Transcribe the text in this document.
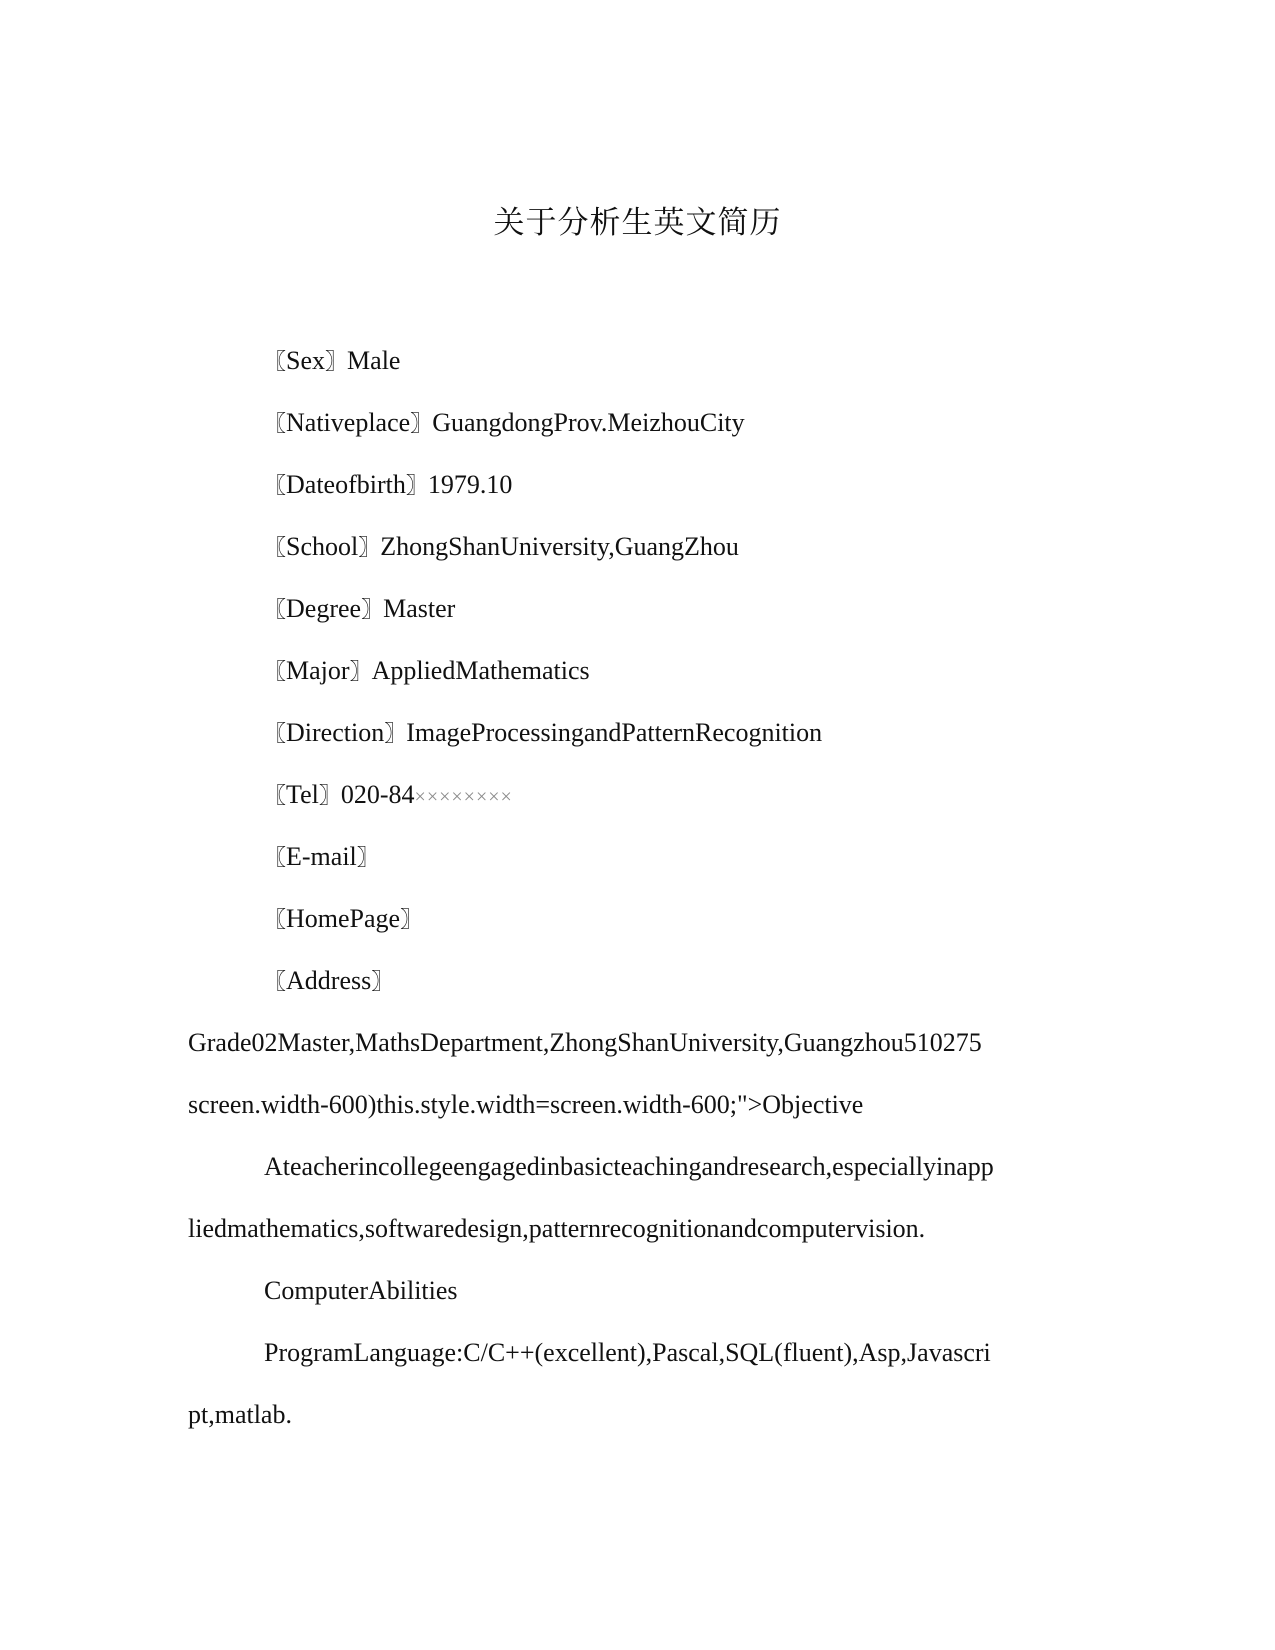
关于分析生英文简历
〖Sex〗Male
〖Nativeplace〗GuangdongProv.MeizhouCity
〖Dateofbirth〗1979.10
〖School〗ZhongShanUniversity,GuangZhou
〖Degree〗Master
〖Major〗AppliedMathematics
〖Direction〗ImageProcessingandPatternRecognition
〖Tel〗020-84××××××××
〖E-mail〗
〖HomePage〗
〖Address〗
Grade02Master,MathsDepartment,ZhongShanUniversity,Guangzhou510275
screen.width-600)this.style.width=screen.width-600;">Objective
Ateacherincollegeengagedinbasicteachingandresearch,especiallyinapp
liedmathematics,softwaredesign,patternrecognitionandcomputervision.
ComputerAbilities
ProgramLanguage:C/C++(excellent),Pascal,SQL(fluent),Asp,Javascri
pt,matlab.
